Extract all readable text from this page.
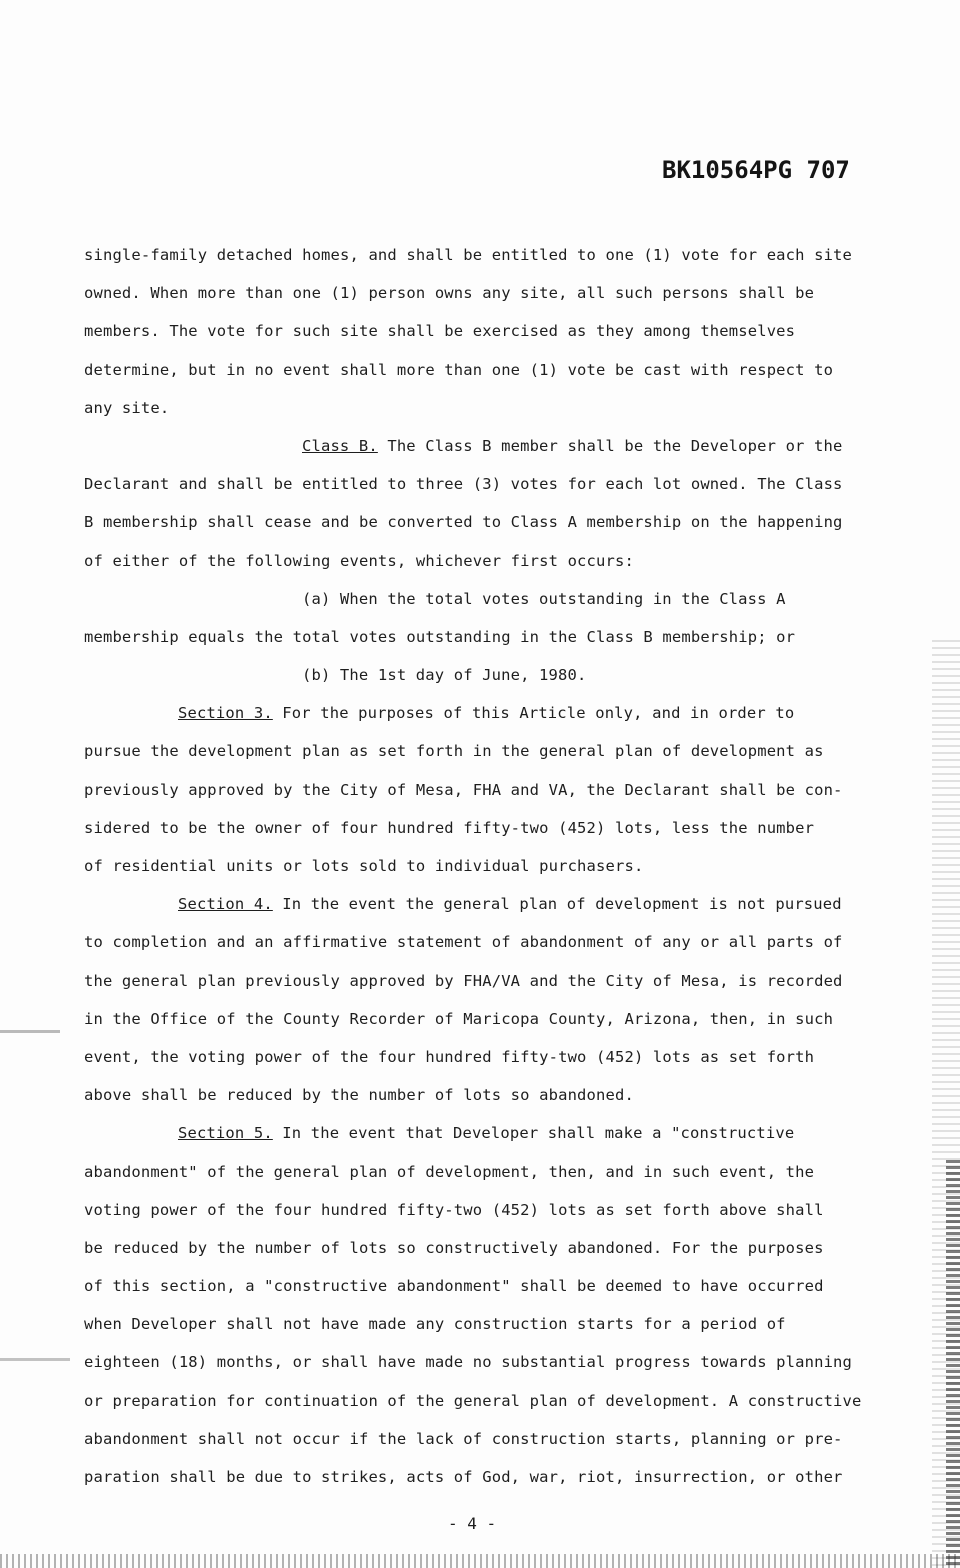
BK10564PG 707
single-family detached homes, and shall be entitled to one (1) vote for each site
owned. When more than one (1) person owns any site, all such persons shall be
members. The vote for such site shall be exercised as they among themselves
determine, but in no event shall more than one (1) vote be cast with respect to
any site.
Class B. The Class B member shall be the Developer or the
Declarant and shall be entitled to three (3) votes for each lot owned. The Class
B membership shall cease and be converted to Class A membership on the happening
of either of the following events, whichever first occurs:
(a) When the total votes outstanding in the Class A
membership equals the total votes outstanding in the Class B membership; or
(b) The 1st day of June, 1980.
Section 3. For the purposes of this Article only, and in order to
pursue the development plan as set forth in the general plan of development as
previously approved by the City of Mesa, FHA and VA, the Declarant shall be con-
sidered to be the owner of four hundred fifty-two (452) lots, less the number
of residential units or lots sold to individual purchasers.
Section 4. In the event the general plan of development is not pursued
to completion and an affirmative statement of abandonment of any or all parts of
the general plan previously approved by FHA/VA and the City of Mesa, is recorded
in the Office of the County Recorder of Maricopa County, Arizona, then, in such
event, the voting power of the four hundred fifty-two (452) lots as set forth
above shall be reduced by the number of lots so abandoned.
Section 5. In the event that Developer shall make a "constructive
abandonment" of the general plan of development, then, and in such event, the
voting power of the four hundred fifty-two (452) lots as set forth above shall
be reduced by the number of lots so constructively abandoned. For the purposes
of this section, a "constructive abandonment" shall be deemed to have occurred
when Developer shall not have made any construction starts for a period of
eighteen (18) months, or shall have made no substantial progress towards planning
or preparation for continuation of the general plan of development. A constructive
abandonment shall not occur if the lack of construction starts, planning or pre-
paration shall be due to strikes, acts of God, war, riot, insurrection, or other
- 4 -
